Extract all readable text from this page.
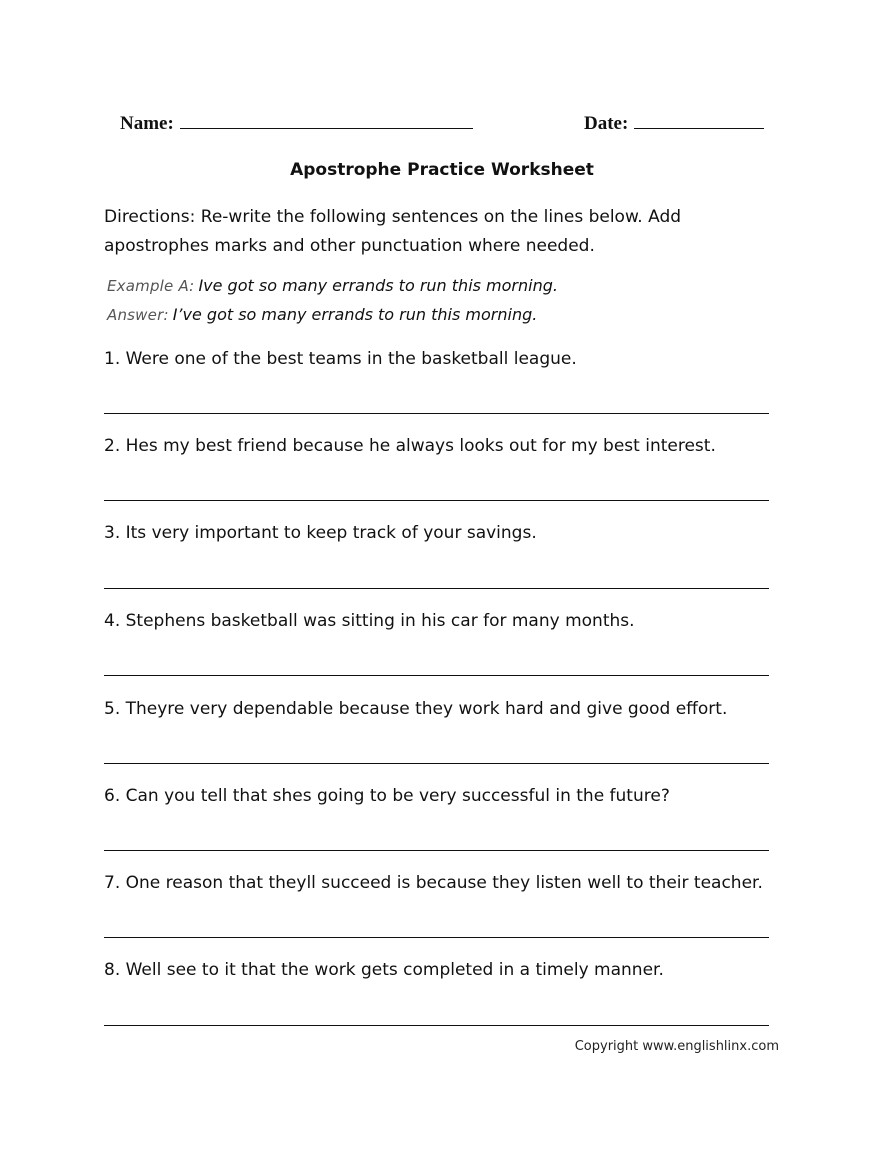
Name:	Date:
Apostrophe Practice Worksheet
Directions: Re-write the following sentences on the lines below. Add apostrophes marks and other punctuation where needed.
Example A: Ive got so many errands to run this morning.
Answer: I’ve got so many errands to run this morning.
1. Were one of the best teams in the basketball league.
2. Hes my best friend because he always looks out for my best interest.
3. Its very important to keep track of your savings.
4. Stephens basketball was sitting in his car for many months.
5. Theyre very dependable because they work hard and give good effort.
6. Can you tell that shes going to be very successful in the future?
7. One reason that theyll succeed is because they listen well to their teacher.
8. Well see to it that the work gets completed in a timely manner.
Copyright www.englishlinx.com
